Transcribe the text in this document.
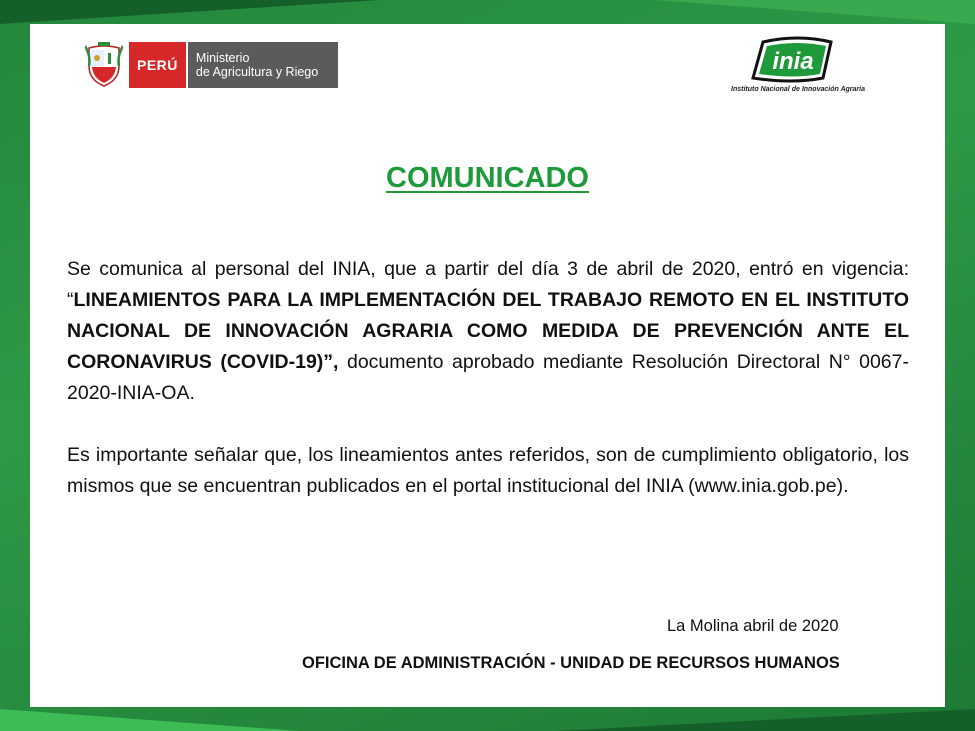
PERÚ	Ministerio
de Agricultura y Riego	inia
Instituto Nacional de Innovación Agraria
COMUNICADO

Se comunica al personal del INIA, que a partir del día 3 de abril de 2020, entró en vigencia: “LINEAMIENTOS PARA LA IMPLEMENTACIÓN DEL TRABAJO REMOTO EN EL INSTITUTO NACIONAL DE INNOVACIÓN AGRARIA COMO MEDIDA DE PREVENCIÓN ANTE EL CORONAVIRUS (COVID-19)”, documento aprobado mediante Resolución Directoral N° 0067-2020-INIA-OA.

Es importante señalar que, los lineamientos antes referidos, son de cumplimiento obligatorio, los mismos que se encuentran publicados en el portal institucional del INIA (www.inia.gob.pe).

La Molina abril de 2020
OFICINA DE ADMINISTRACIÓN - UNIDAD DE RECURSOS HUMANOS
